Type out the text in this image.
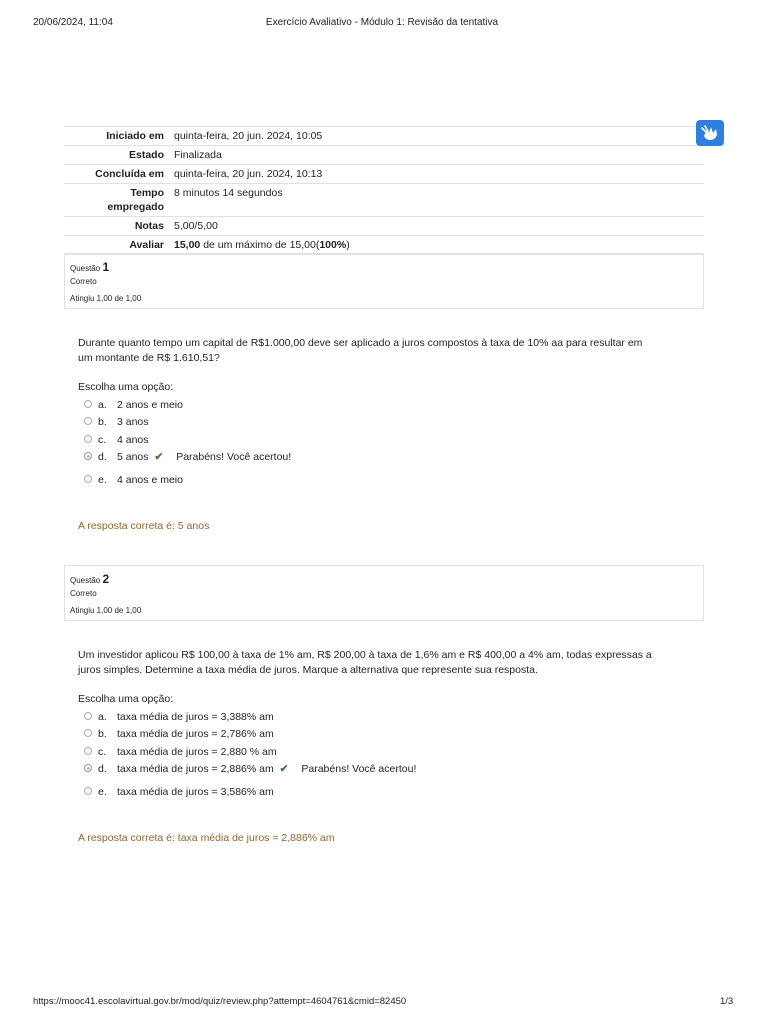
20/06/2024, 11:04	Exercício Avaliativo - Módulo 1: Revisão da tentativa
Iniciado em	quinta-feira, 20 jun. 2024, 10:05
Estado	Finalizada
Concluída em	quinta-feira, 20 jun. 2024, 10:13
Tempo empregado	8 minutos 14 segundos
Notas	5,00/5,00
Avaliar	15,00 de um máximo de 15,00(100%)
Questão 1
Correto
Atingiu 1,00 de 1,00
Durante quanto tempo um capital de R$1.000,00 deve ser aplicado a juros compostos à taxa de 10% aa para resultar em um montante de R$ 1.610,51?
Escolha uma opção:
a. 2 anos e meio
b. 3 anos
c. 4 anos
d. 5 anos ✔ Parabéns! Você acertou!
e. 4 anos e meio
A resposta correta é: 5 anos
Questão 2
Correto
Atingiu 1,00 de 1,00
Um investidor aplicou R$ 100,00 à taxa de 1% am, R$ 200,00 à taxa de 1,6% am e R$ 400,00 a 4% am, todas expressas a juros simples. Determine a taxa média de juros. Marque a alternativa que represente sua resposta.
Escolha uma opção:
a. taxa média de juros = 3,388% am
b. taxa média de juros = 2,786% am
c. taxa média de juros = 2,880 % am
d. taxa média de juros = 2,886% am ✔ Parabéns! Você acertou!
e. taxa média de juros = 3,586% am
A resposta correta é: taxa média de juros = 2,886% am
https://mooc41.escolavirtual.gov.br/mod/quiz/review.php?attempt=4604761&cmid=82450	1/3
